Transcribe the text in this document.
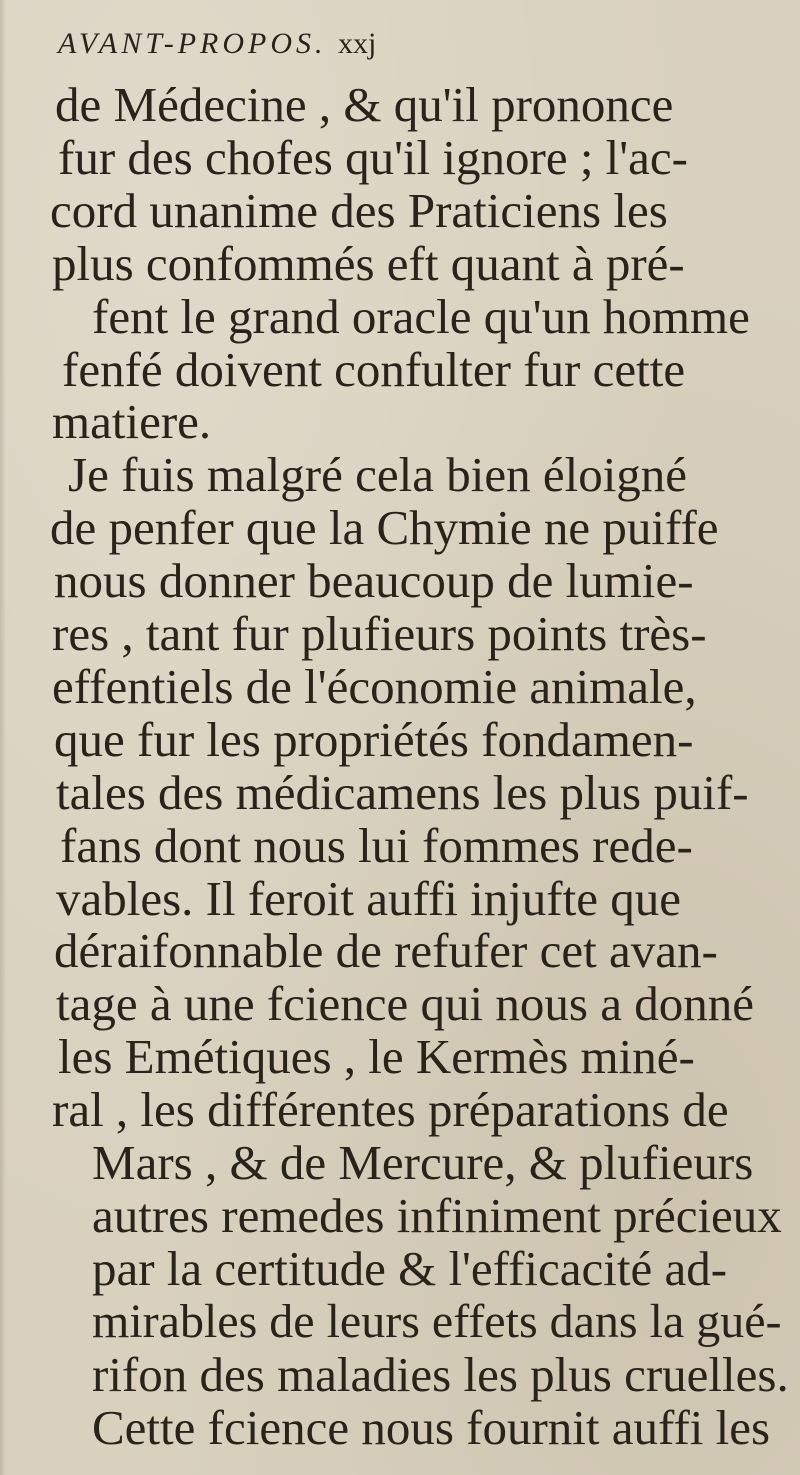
AVANT-PROPOS. xxj
de Médecine , & qu'il prononce
fur des chofes qu'il ignore ; l'ac-
cord unanime des Praticiens les
plus confommés eft quant à pré-
fent le grand oracle qu'un homme
fenfé doivent confulter fur cette
matiere.
Je fuis malgré cela bien éloigné
de penfer que la Chymie ne puiffe
nous donner beaucoup de lumie-
res , tant fur plufieurs points très-
effentiels de l'économie animale,
que fur les propriétés fondamen-
tales des médicamens les plus puif-
fans dont nous lui fommes rede-
vables. Il feroit auffi injufte que
déraifonnable de refufer cet avan-
tage à une fcience qui nous a donné
les Emétiques , le Kermès miné-
ral , les différentes préparations de
Mars , & de Mercure, & plufieurs
autres remedes infiniment précieux
par la certitude & l'efficacité ad-
mirables de leurs effets dans la gué-
rifon des maladies les plus cruelles.
Cette fcience nous fournit auffi les
